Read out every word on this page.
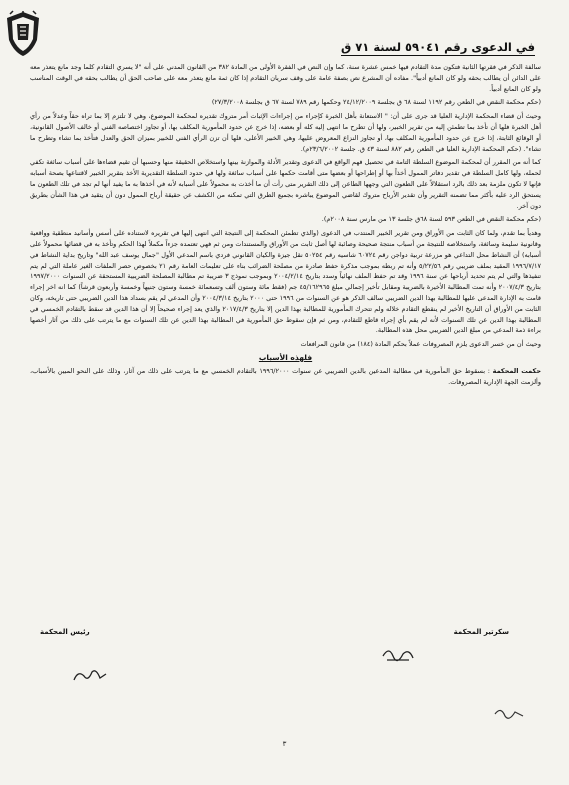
في الدعوى رقم ٥٩٠٤١ لسنة ٧١ ق

سالفة الذكر في فقرتها الثانية فتكون مدة التقادم فيها خمس عشرة سنة، كما وإن النص في الفقرة الأولى من المادة ٣٨٢ من القانون المدني على أنه "لا يسري التقادم كلما وجد مانع يتعذر معه على الدائن أن يطالب بحقه ولو كان المانع أدبياً". مفاده أن المشرع نص بصفة عامة على وقف سريان التقادم إذا كان ثمة مانع يتعذر معه على صاحب الحق أن يطالب بحقه في الوقت المناسب ولو كان المانع أدبياً.

(حكم محكمة النقض في الطعن رقم ١١٩٢ لسنة ٦٨ ق بجلسة ٢٤/١٢/٢٠٠٩ وحكمها رقم ٧٨٩ لسنة ٦٧ ق بجلسة ٢٧/٣/٢٠٠٨)

وحيث أن قضاء المحكمة الإدارية العليا قد جرى على أن: " الاستعانة بأهل الخبرة كإجراء من إجراءات الإثبات أمر متروك تقديره لمحكمة الموضوع، وهي لا تلتزم إلا بما تراه حقاً وعدلاً من رأي أهل الخبرة فلها أن تأخذ بما تطمئن إليه من تقرير الخبير، ولها أن تطرح ما انتهى إليه كله أو بعضه، إذا خرج عن حدود المأمورية المكلف بها، أو تجاوز اختصاصه الفني أو خالف الأصول القانونية، أو الوقائع الثابتة، إذا خرج عن حدود المأمورية المكلف بها، أو تجاوز النزاع المعروض عليها، وهي الخبير الأعلى، فلها أن تزن الرأي الفني للخبير بميزان الحق والعدل فتأخذ بما تشاء وتطرح ما تشاء". (حكم المحكمة الإدارية العليا في الطعن رقم ٨٨٢ لسنة ٤٣ ق. جلسة ٢٣/٦/٢٠٠٢م).

كما أنه من المقرر أن لمحكمة الموضوع السلطة التامة في تحصيل فهم الواقع في الدعوى وتقدير الأدلة والموازنة بينها واستخلاص الحقيقة منها وحسبها أن تقيم قضاءها على أسباب سائغة تكفي لحمله، ولها كامل السلطة في تقدير دفاتر الممول أخذاً بها أو إطراحها أو بعضها متى أقامت حكمها على أسباب سائغة ولها في حدود السلطة التقديرية الأخذ بتقرير الخبير لاقتناعها بصحة أسبابه فإنها لا تكون ملزمة بعد ذلك بالرد استقلالاً على الطعون التي وجهها الطاعن إلى ذلك التقرير متى رأت أن ما أخذت به محمولاً على أسبابه لأنه في أخذها به ما يفيد أنها لم تجد في تلك الطعون ما يستحق الرد عليه بأكثر مما تضمنه التقرير وأن تقدير الأرباح متروك لقاضي الموضوع يباشره بجميع الطرق التي تمكنه من الكشف عن حقيقة أرباح الممول دون أن يتقيد في هذا الشأن بطريق دون آخر.

(حكم محكمة النقض في الطعن ٥٩٣ لسنة ٦٨ق جلسة ١٣ من مارس سنة ٢٠٠٨م).

وهدياً بما تقدم، ولما كان الثابت من الأوراق ومن تقرير الخبير المنتدب في الدعوى (والذي تطمئن المحكمة إلى النتيجة التي انتهى إليها في تقريره لاستناده على أسس وأسانيد منطقية وواقعية وقانونية سليمة وسائغة، واستخلاصه للنتيجة من أسباب منتجة صحيحة وصائبة لها أصل ثابت من الأوراق والمستندات ومن ثم فهي تعتمده جزءاً مكملاً لهذا الحكم وتأخذ به في قضائها محمولاً على أسبابه) أن النشاط محل التداعي هو مزرعة تربية دواجن رقم ٦٠٧٢٤ شاسيه رقم ٥٠٢٥٤ نقل جيزة والكيان القانوني فردي باسم المدعي الأول "جمال يوسف عبد الله" وتاريخ بداية النشاط في ١٩٩٦/٧/١٧ المقيد بملف ضريبي رقم ٥/٢٢/٥٦ وأنه تم ربطه بموجب مذكرة حفظ صادرة من مصلحة الضرائب بناء على تعليمات العامة رقم ٢١ بخصوص حصر الملفات الغير عاملة التي لم يتم تنفيذها والتي لم يتم تحديد أرباحها عن سنة ١٩٩٦ وقد تم حفظ الملف نهائياً وسدد بتاريخ ٢٠٠٤/٢/١٤ وبموجب نموذج ٣ ضريبة تم مطالبة المصلحة الضريبية المستحقة عن السنوات ١٩٩٧/٢٠٠٠ بتاريخ ٢٠٠٧/٤/٣ وأنه تمت المطالبة الأخيرة بالضريبة ومقابل تأخير إجمالي مبلغ ٤٥/١٦٢٩٦٥ جم (فقط مائة وستون ألف وتسعمائة خمسة وستون جنيهاً وخمسة وأربعون قرشاً) كما انه اخر إجراء قامت به الإدارة المدعى عليها للمطالبة بهذا الدين الضريبي سالف الذكر هو عن السنوات من ١٩٩٦ حتى ٢٠٠٠ بتاريخ ٢٠٠٤/٣/١٤ وأن المدعي لم يقم بسداد هذا الدين الضريبي حتى تاريخه، وكان الثابت من الأوراق أن التاريخ الأخير لم ينقطع التقادم خلاله ولم تتحرك المأمورية للمطالبة بهذا الدين إلا بتاريخ ٢٠١٧/٤/٣ والذي يعد إجراء صحيحاً إلا أن هذا الدين قد سقط بالتقادم الخمسي في المطالبة بهذا الدين عن تلك السنوات لأنه لم يقم بأي إجراء قاطع للتقادم، ومن ثم فإن سقوط حق المأمورية في المطالبة بهذا الدين عن تلك السنوات مع ما يترتب على ذلك من آثار أخصها براءة ذمة المدعي من مبلغ الدين الضريبي محل هذه المطالبة.

وحيث أن من خسر الدعوى يلزم المصروفات عملاً بحكم المادة (١٨٤) من قانون المرافعات

فلهذه الأسباب

حكمت المحكمة : بسقوط حق المأمورية في مطالبة المدعين بالدين الضريبي عن سنوات ١٩٩٦/٢٠٠٠ بالتقادم الخمسي مع ما يترتب على ذلك من آثار، وذلك على النحو المبين بالأسباب، وألزمت الجهة الإدارية المصروفات.

سكرتير المحكمة
رئيس المحكمة
٣
